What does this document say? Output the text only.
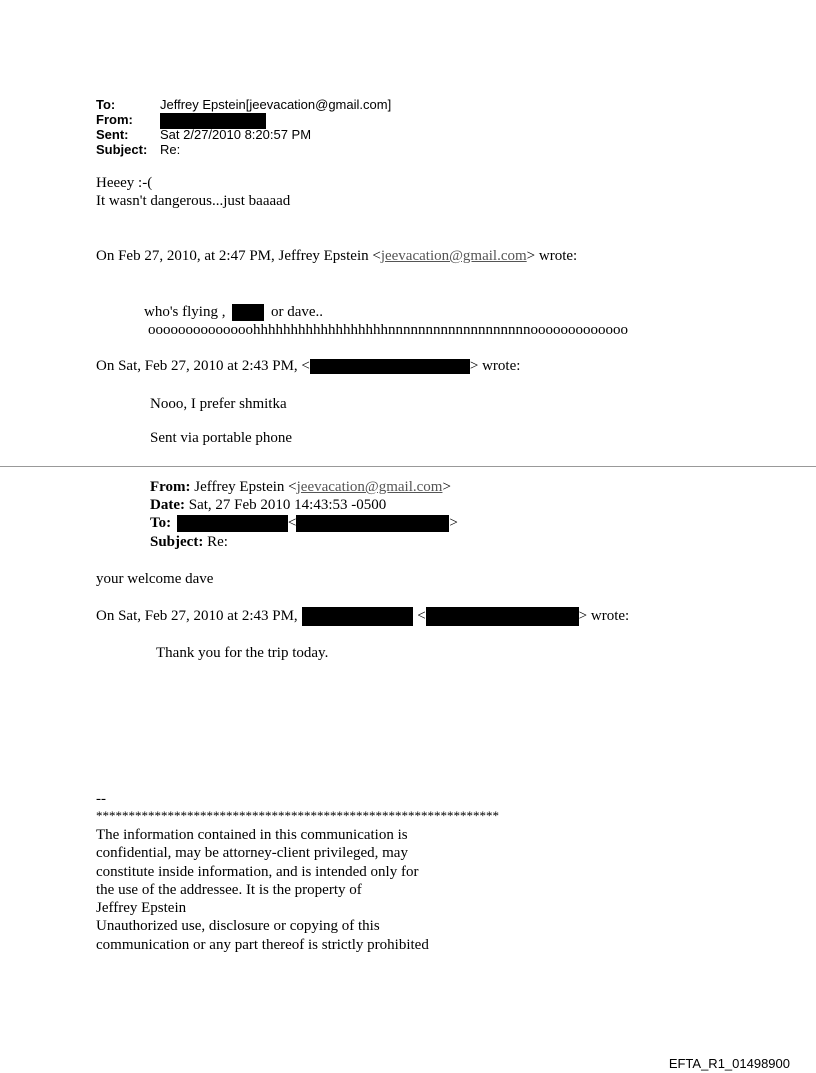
To:	Jeffrey Epstein[jeevacation@gmail.com]
From:
Sent: Sat 2/27/2010 8:20:57 PM
Subject: Re:
Heeey :-(
It wasn't dangerous...just baaaad
On Feb 27, 2010, at 2:47 PM, Jeffrey Epstein <jeevacation@gmail.com> wrote:
who's flying ,	or dave..
oooooooooooooohhhhhhhhhhhhhhhhhhnnnnnnnnnnnnnnnnnnnooooooooooooo
On Sat, Feb 27, 2010 at 2:43 PM, <	> wrote:
Nooo, I prefer shmitka
Sent via portable phone
From: Jeffrey Epstein <jeevacation@gmail.com>
Date: Sat, 27 Feb 2010 14:43:53 -0500
To:	<	>
Subject: Re:
your welcome dave
On Sat, Feb 27, 2010 at 2:43 PM,	<	> wrote:
Thank you for the trip today.
--
**************************************************************
The information contained in this communication is
confidential, may be attorney-client privileged, may
constitute inside information, and is intended only for
the use of the addressee. It is the property of
Jeffrey Epstein
Unauthorized use, disclosure or copying of this
communication or any part thereof is strictly prohibited
EFTA_R1_01498900
